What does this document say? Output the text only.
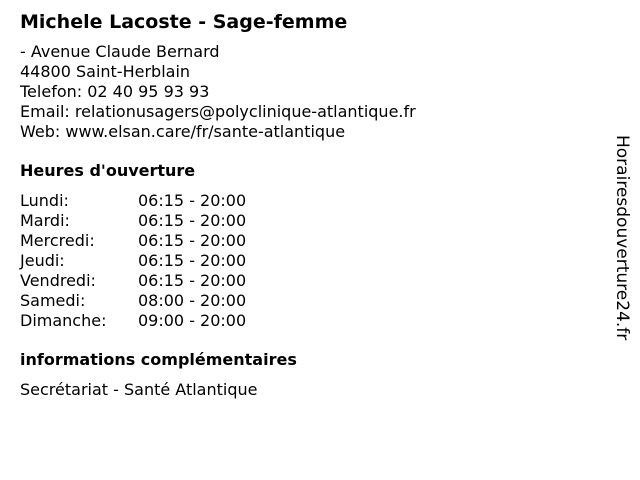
Michele Lacoste - Sage-femme
- Avenue Claude Bernard
44800 Saint-Herblain
Telefon: 02 40 95 93 93
Email: relationusagers@polyclinique-atlantique.fr
Web: www.elsan.care/fr/sante-atlantique
Heures d'ouverture
Lundi:	06:15 - 20:00
Mardi:	06:15 - 20:00
Mercredi:	06:15 - 20:00
Jeudi:	06:15 - 20:00
Vendredi:	06:15 - 20:00
Samedi:	08:00 - 20:00
Dimanche:	09:00 - 20:00
informations complémentaires
Secrétariat - Santé Atlantique
Horairesdouverture24.fr
